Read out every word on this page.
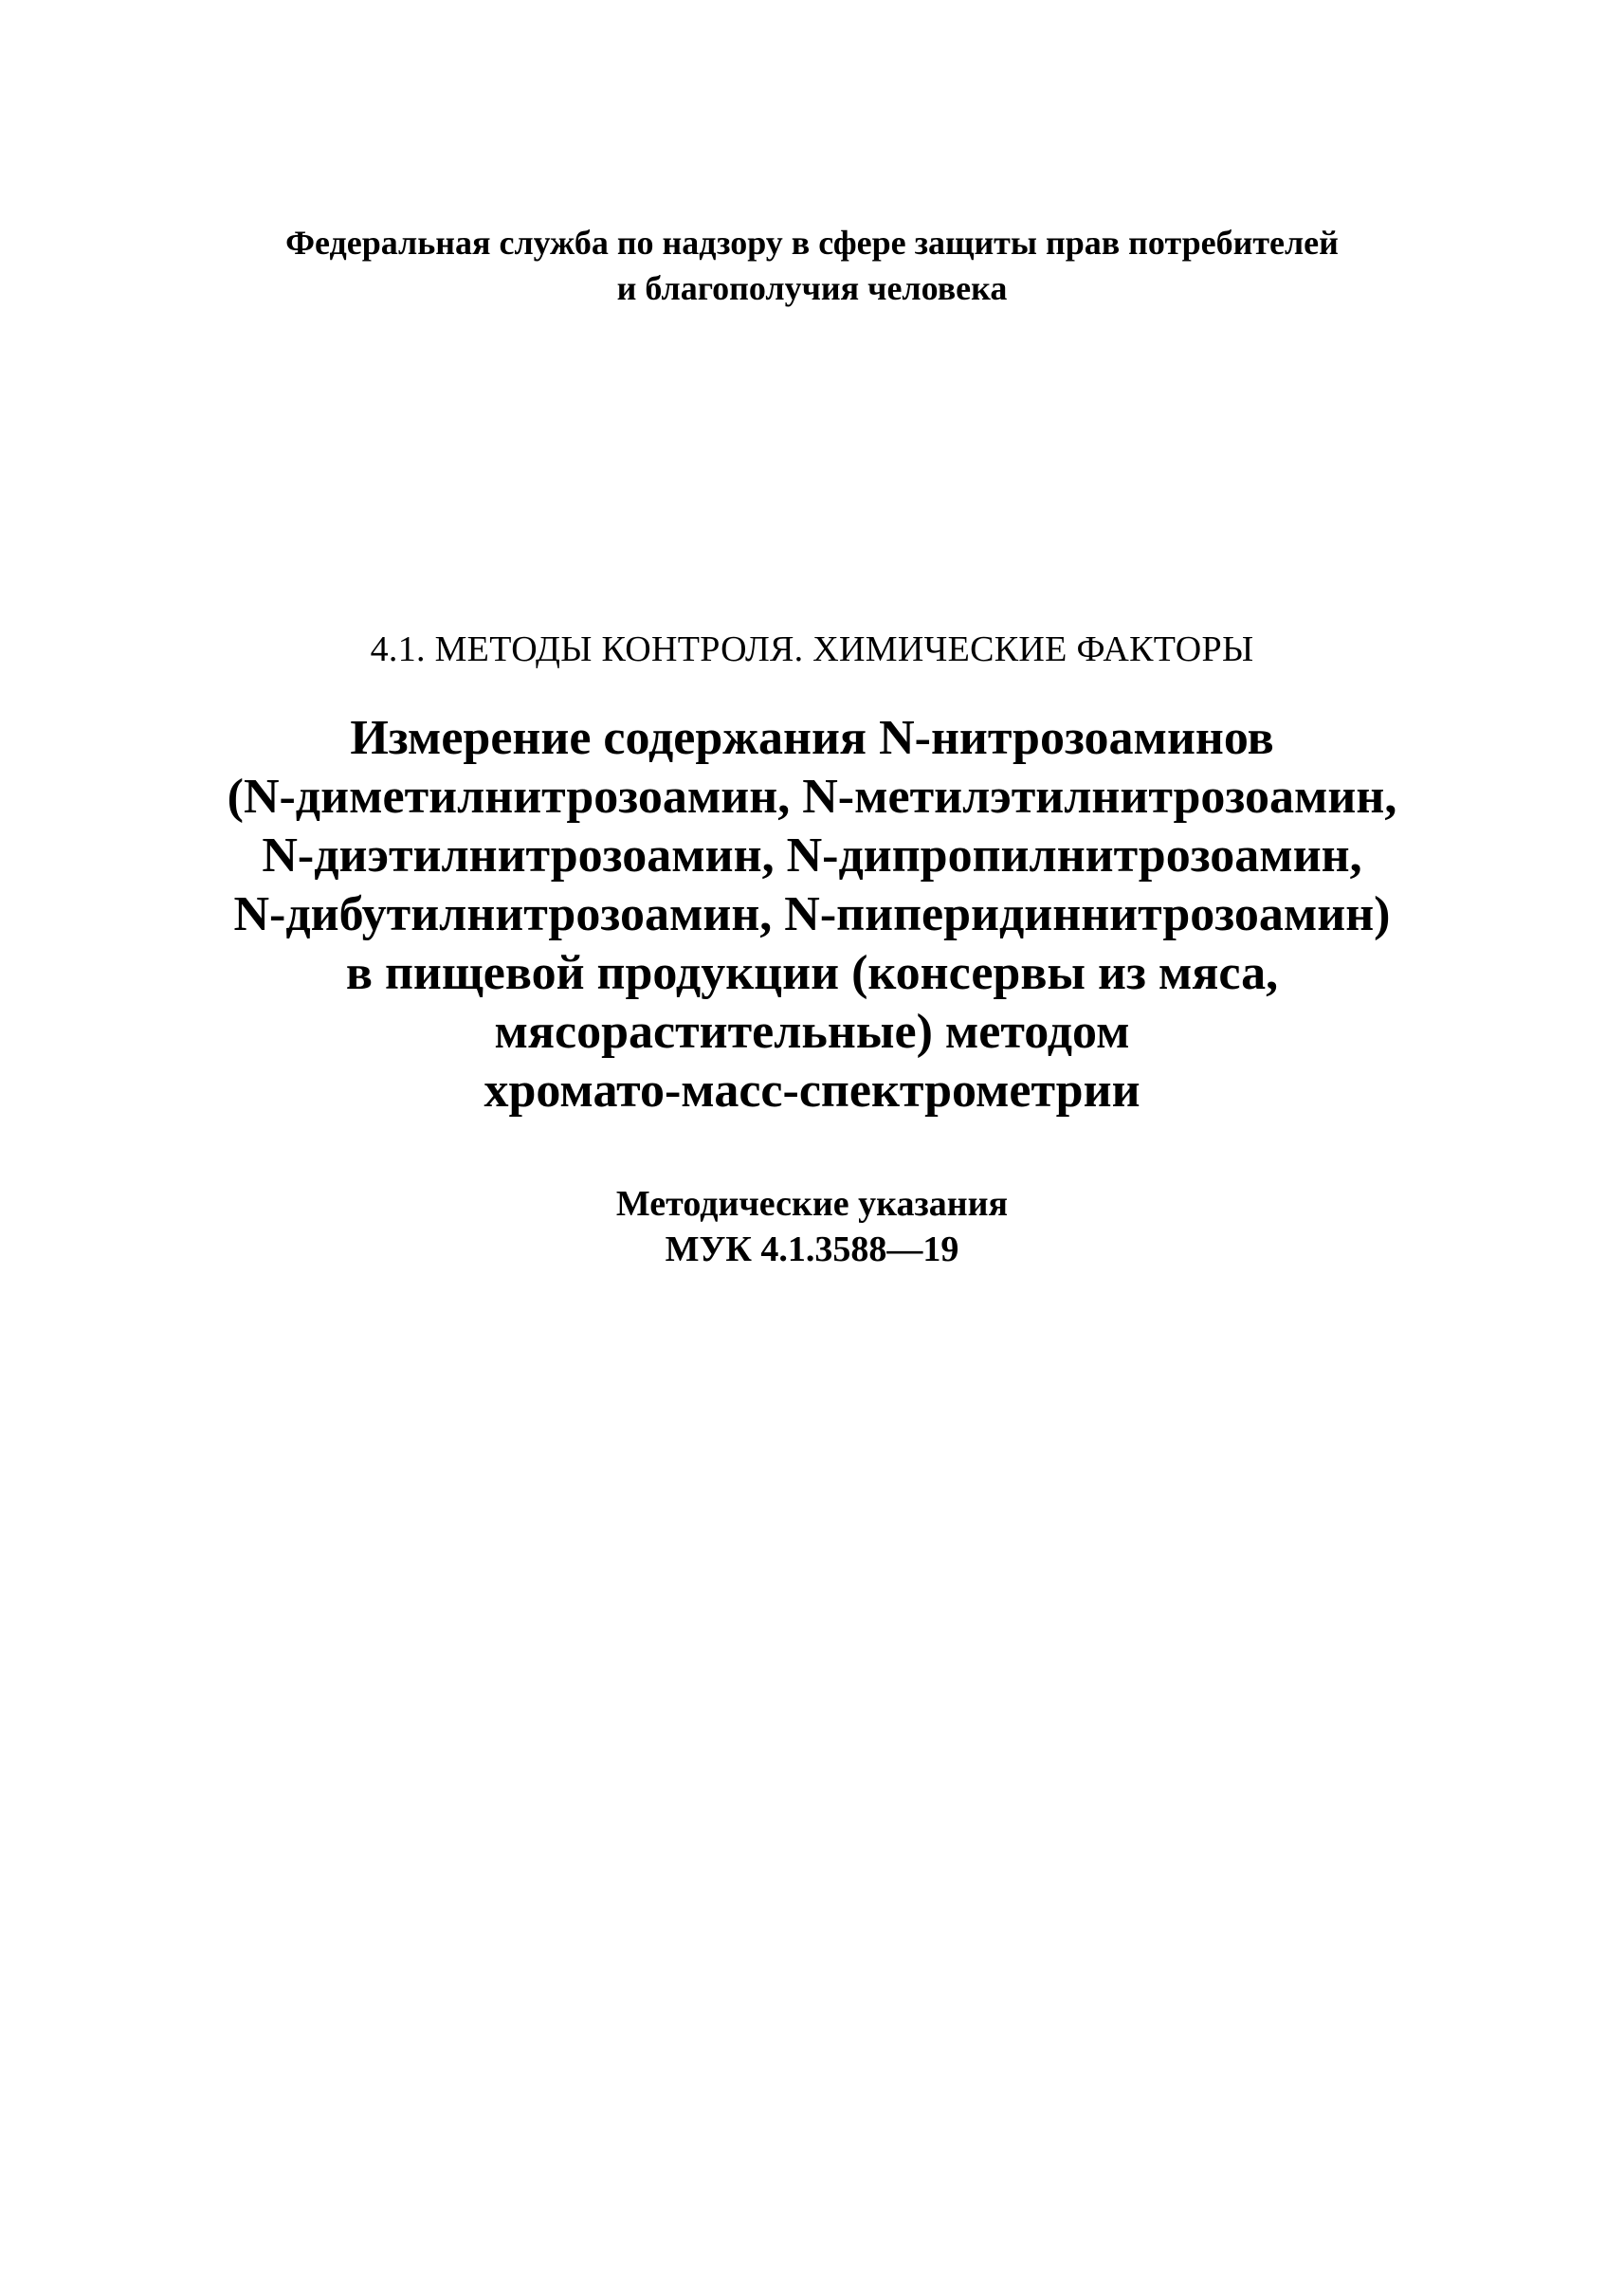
Федеральная служба по надзору в сфере защиты прав потребителей
и благополучия человека
4.1. МЕТОДЫ КОНТРОЛЯ. ХИМИЧЕСКИЕ ФАКТОРЫ
Измерение содержания N-нитрозоаминов
(N-диметилнитрозоамин, N-метилэтилнитрозоамин,
N-диэтилнитрозоамин, N-дипропилнитрозоамин,
N-дибутилнитрозоамин, N-пиперидиннитрозоамин)
в пищевой продукции (консервы из мяса,
мясорастительные) методом
хромато-масс-спектрометрии
Методические указания
МУК 4.1.3588—19
